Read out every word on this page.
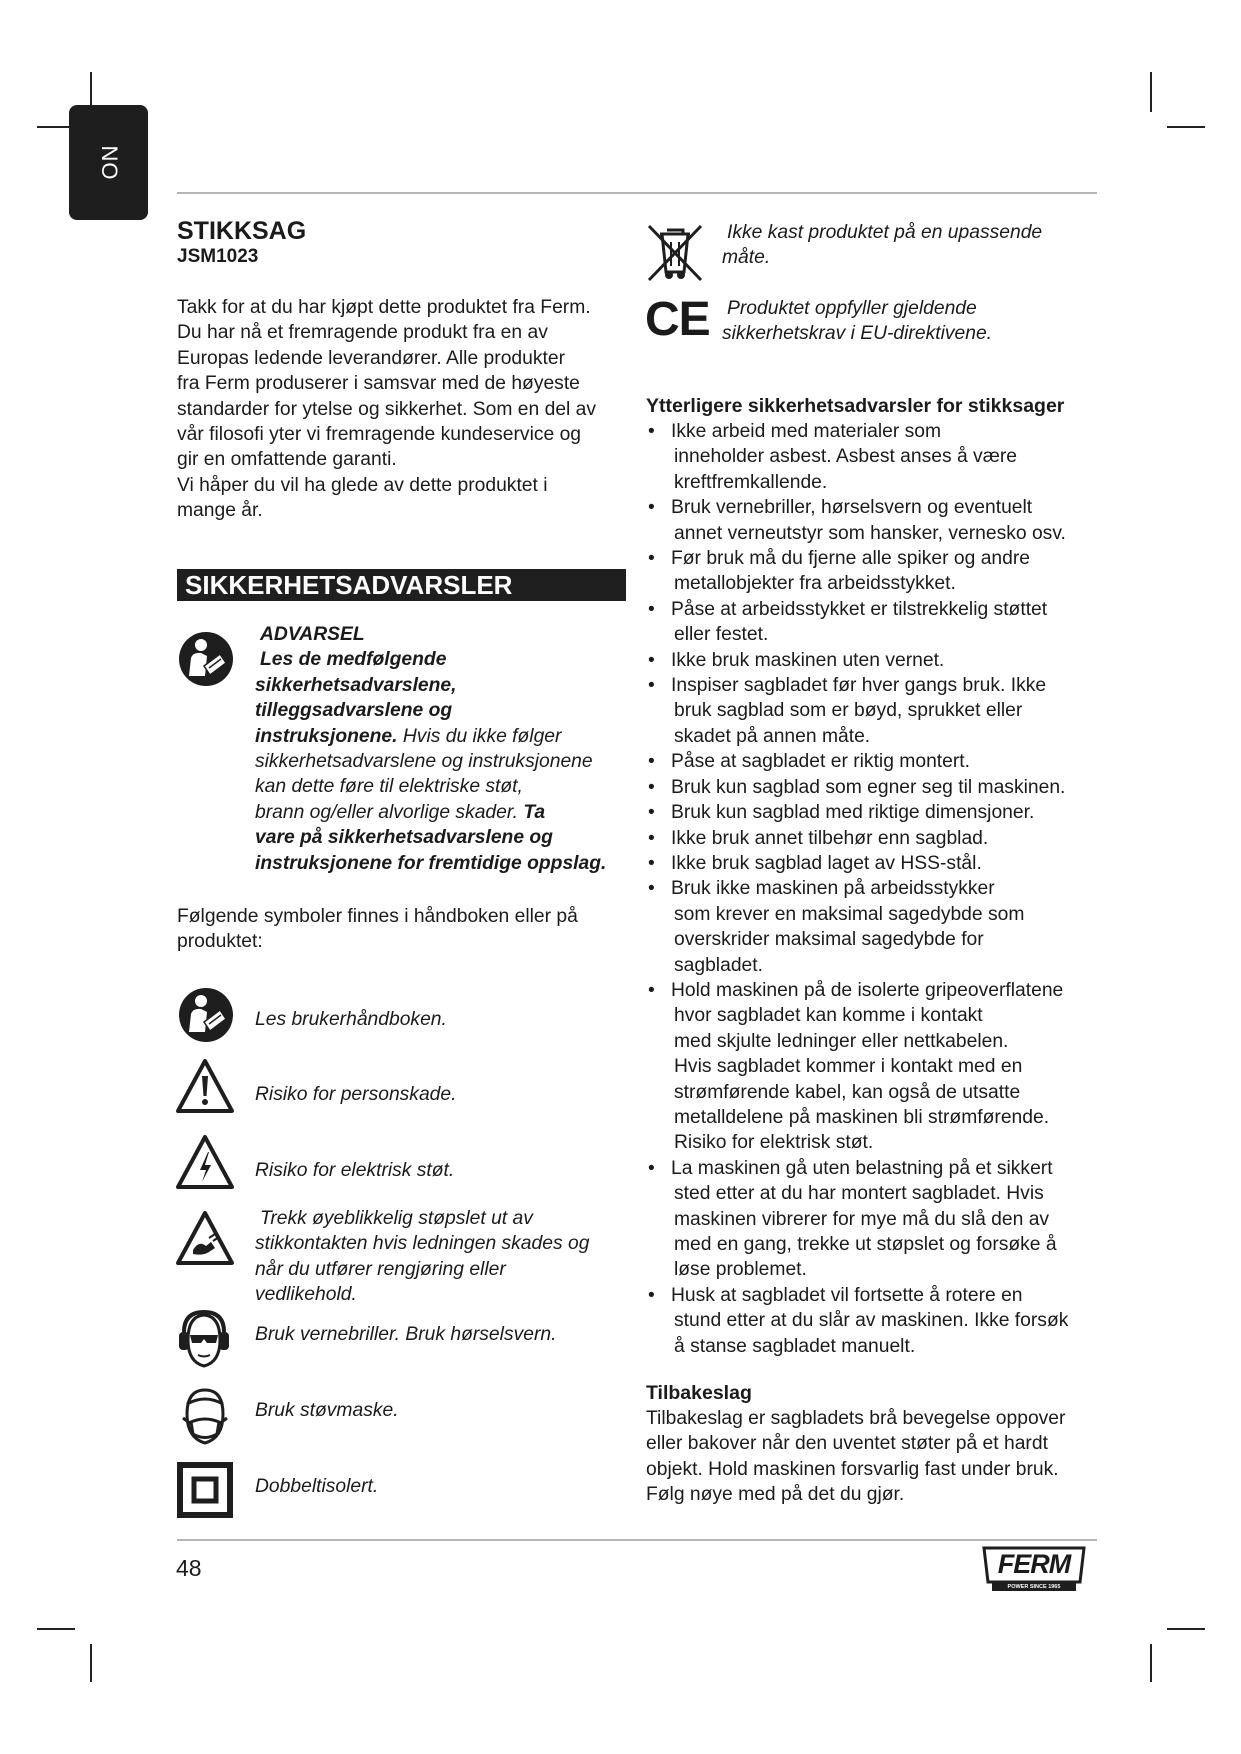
NO
STIKKSAG

JSM1023

Takk for at du har kjøpt dette produktet fra Ferm.
Du har nå et fremragende produkt fra en av
Europas ledende leverandører. Alle produkter
fra Ferm produserer i samsvar med de høyeste
standarder for ytelse og sikkerhet. Som en del av
vår filosofi yter vi fremragende kundeservice og
gir en omfattende garanti.
Vi håper du vil ha glede av dette produktet i
mange år.
SIKKERHETSADVARSLER
ADVARSEL
Les de medfølgende
sikkerhetsadvarslene,
tilleggsadvarslene og
instruksjonene. Hvis du ikke følger
sikkerhetsadvarslene og instruksjonene
kan dette føre til elektriske støt,
brann og/eller alvorlige skader. Ta
vare på sikkerhetsadvarslene og
instruksjonene for fremtidige oppslag.
Følgende symboler finnes i håndboken eller på
produktet:
Les brukerhåndboken.
Risiko for personskade.
Risiko for elektrisk støt.
Trekk øyeblikkelig støpslet ut av
stikkontakten hvis ledningen skades og
når du utfører rengjøring eller
vedlikehold.
Bruk vernebriller. Bruk hørselsvern.
Bruk støvmaske.
Dobbeltisolert.
Ikke kast produktet på en upassende
måte.
CE Produktet oppfyller gjeldende
sikkerhetskrav i EU-direktivene.
Ytterligere sikkerhetsadvarsler for stikksager
• Ikke arbeid med materialer som
inneholder asbest. Asbest anses å være
kreftfremkallende.
• Bruk vernebriller, hørselsvern og eventuelt
annet verneutstyr som hansker, vernesko osv.
• Før bruk må du fjerne alle spiker og andre
metallobjekter fra arbeidsstykket.
• Påse at arbeidsstykket er tilstrekkelig støttet
eller festet.
• Ikke bruk maskinen uten vernet.
• Inspiser sagbladet før hver gangs bruk. Ikke
bruk sagblad som er bøyd, sprukket eller
skadet på annen måte.
• Påse at sagbladet er riktig montert.
• Bruk kun sagblad som egner seg til maskinen.
• Bruk kun sagblad med riktige dimensjoner.
• Ikke bruk annet tilbehør enn sagblad.
• Ikke bruk sagblad laget av HSS-stål.
• Bruk ikke maskinen på arbeidsstykker
som krever en maksimal sagedybde som
overskrider maksimal sagedybde for
sagbladet.
• Hold maskinen på de isolerte gripeoverflatene
hvor sagbladet kan komme i kontakt
med skjulte ledninger eller nettkabelen.
Hvis sagbladet kommer i kontakt med en
strømførende kabel, kan også de utsatte
metalldelene på maskinen bli strømførende.
Risiko for elektrisk støt.
• La maskinen gå uten belastning på et sikkert
sted etter at du har montert sagbladet. Hvis
maskinen vibrerer for mye må du slå den av
med en gang, trekke ut støpslet og forsøke å
løse problemet.
• Husk at sagbladet vil fortsette å rotere en
stund etter at du slår av maskinen. Ikke forsøk
å stanse sagbladet manuelt.
Tilbakeslag
Tilbakeslag er sagbladets brå bevegelse oppover
eller bakover når den uventet støter på et hardt
objekt. Hold maskinen forsvarlig fast under bruk.
Følg nøye med på det du gjør.
48	FERM
POWER SINCE 1965
